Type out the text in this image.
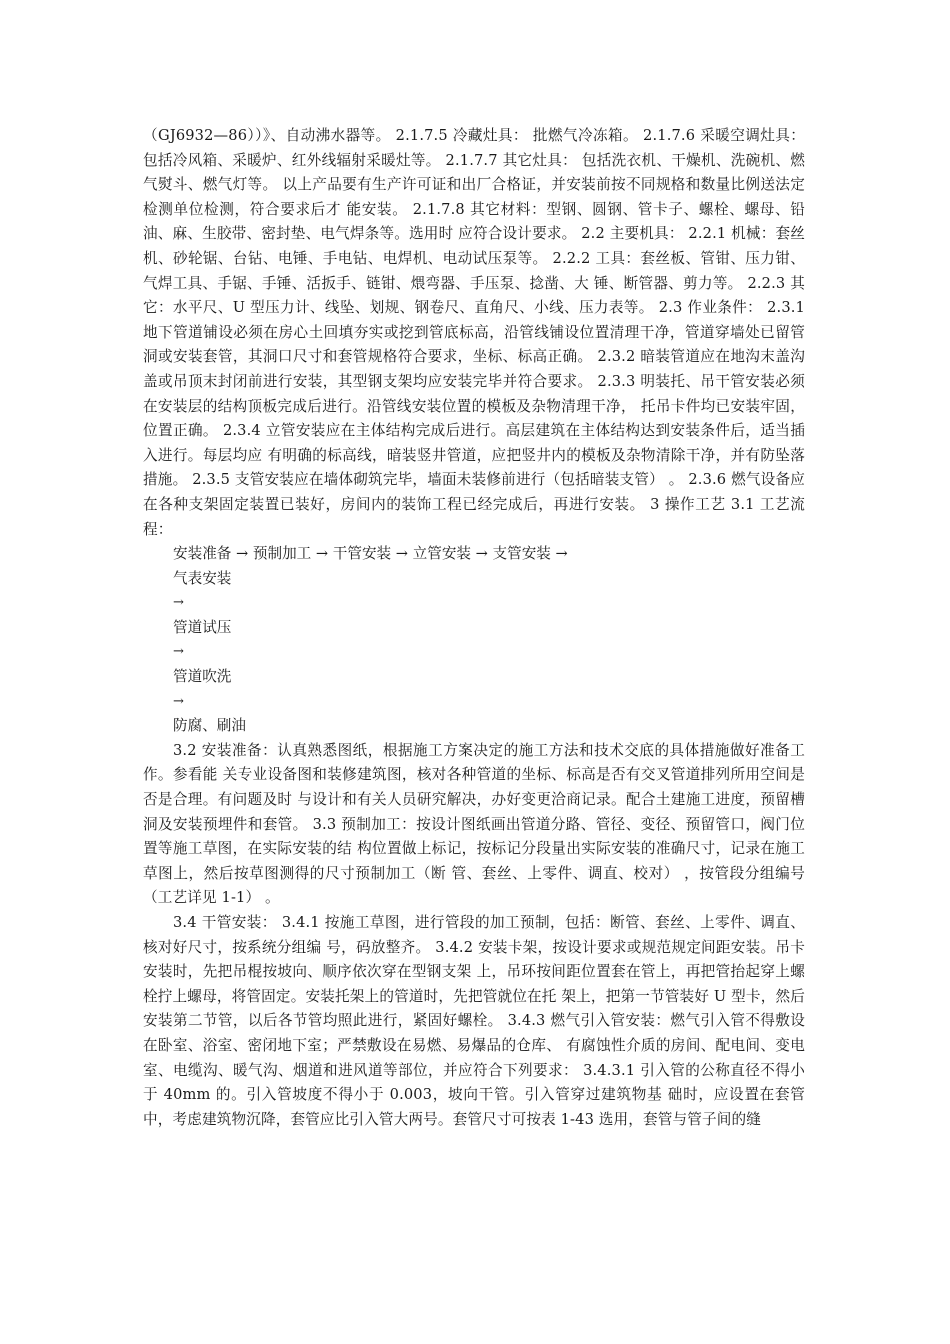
（GJ6932—86））》、自动沸水器等。 2.1.7.5 冷藏灶具： 批燃气冷冻箱。 2.1.7.6 采暖空调灶具： 包括冷风箱、采暖炉、红外线辐射采暖灶等。 2.1.7.7 其它灶具： 包括洗衣机、干燥机、洗碗机、燃气熨斗、燃气灯等。 以上产品要有生产许可证和出厂合格证，并安装前按不同规格和数量比例送法定检测单位检测，符合要求后才 能安装。 2.1.7.8 其它材料：型钢、圆钢、管卡子、螺栓、螺母、铅油、麻、生胶带、密封垫、电气焊条等。选用时 应符合设计要求。 2.2 主要机具： 2.2.1 机械：套丝机、砂轮锯、台钻、电锤、手电钻、电焊机、电动试压泵等。 2.2.2 工具：套丝板、管钳、压力钳、气焊工具、手锯、手锤、活扳手、链钳、煨弯器、手压泵、捻凿、大 锤、断管器、剪力等。 2.2.3 其它：水平尺、U 型压力计、线坠、划规、钢卷尺、直角尺、小线、压力表等。 2.3 作业条件： 2.3.1 地下管道铺设必须在房心土回填夯实或挖到管底标高，沿管线铺设位置清理干净，管道穿墙处已留管 洞或安装套管，其洞口尺寸和套管规格符合要求，坐标、标高正确。 2.3.2 暗装管道应在地沟末盖沟盖或吊顶末封闭前进行安装，其型钢支架均应安装完毕并符合要求。 2.3.3 明装托、吊干管安装必须在安装层的结构顶板完成后进行。沿管线安装位置的模板及杂物清理干净， 托吊卡件均已安装牢固，位置正确。 2.3.4 立管安装应在主体结构完成后进行。高层建筑在主体结构达到安装条件后，适当插入进行。每层均应 有明确的标高线，暗装竖井管道，应把竖井内的模板及杂物清除干净，并有防坠落措施。 2.3.5 支管安装应在墙体砌筑完毕，墙面未装修前进行（包括暗装支管） 。 2.3.6 燃气设备应在各种支架固定装置已装好，房间内的装饰工程已经完成后，再进行安装。 3 操作工艺 3.1 工艺流程：

安装准备 → 预制加工 → 干管安装 → 立管安装 → 支管安装 →
气表安装
→
管道试压
→
管道吹洗
→
防腐、刷油

3.2 安装准备：认真熟悉图纸，根据施工方案决定的施工方法和技术交底的具体措施做好准备工作。参看能 关专业设备图和装修建筑图，核对各种管道的坐标、标高是否有交叉管道排列所用空间是否是合理。有问题及时 与设计和有关人员研究解决，办好变更洽商记录。配合土建施工进度，预留槽洞及安装预埋件和套管。 3.3 预制加工：按设计图纸画出管道分路、管径、变径、预留管口，阀门位置等施工草图，在实际安装的结 构位置做上标记，按标记分段量出实际安装的准确尺寸，记录在施工草图上，然后按草图测得的尺寸预制加工（断 管、套丝、上零件、调直、校对） ，按管段分组编号（工艺详见 1-1） 。

3.4 干管安装： 3.4.1 按施工草图，进行管段的加工预制，包括：断管、套丝、上零件、调直、核对好尺寸，按系统分组编 号，码放整齐。 3.4.2 安装卡架，按设计要求或规范规定间距安装。吊卡安装时，先把吊棍按坡向、顺序依次穿在型钢支架 上，吊环按间距位置套在管上，再把管抬起穿上螺栓拧上螺母，将管固定。安装托架上的管道时，先把管就位在托 架上，把第一节管装好 U 型卡，然后安装第二节管，以后各节管均照此进行，紧固好螺栓。 3.4.3 燃气引入管安装：燃气引入管不得敷设在卧室、浴室、密闭地下室；严禁敷设在易燃、易爆品的仓库、 有腐蚀性介质的房间、配电间、变电室、电缆沟、暖气沟、烟道和进风道等部位，并应符合下列要求： 3.4.3.1 引入管的公称直径不得小于 40mm 的。引入管坡度不得小于 0.003，坡向干管。引入管穿过建筑物基 础时，应设置在套管中，考虑建筑物沉降，套管应比引入管大两号。套管尺寸可按表 1-43 选用，套管与管子间的缝
